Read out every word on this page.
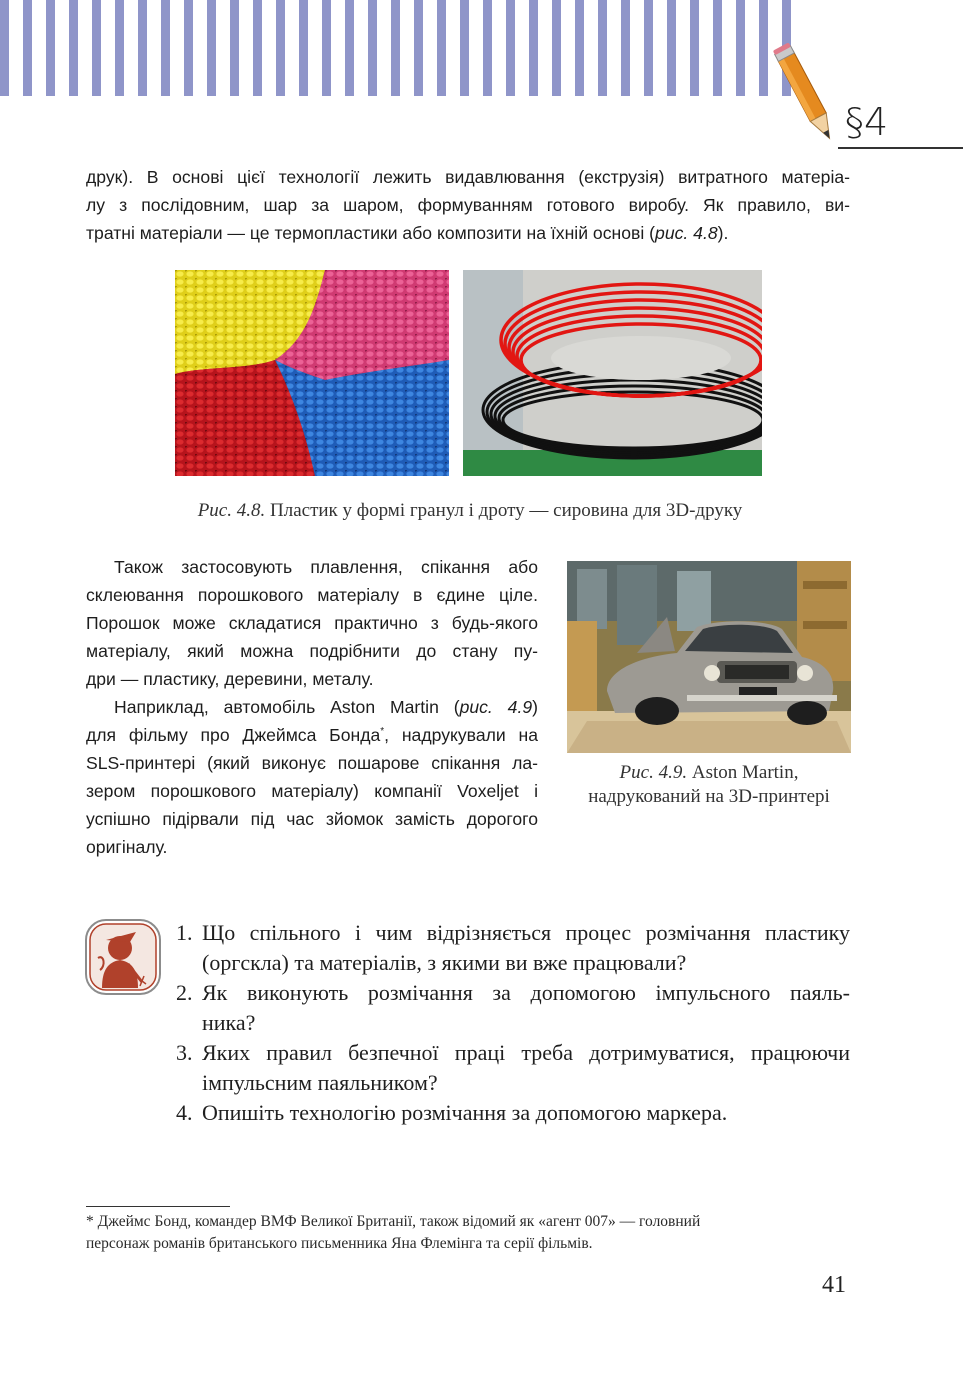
§4
друк). В основі цієї технології лежить видавлювання (екструзія) витратного матеріа-
лу з послідовним, шар за шаром, формуванням готового виробу. Як правило, ви-
тратні матеріали — це термопластики або композити на їхній основі (рис. 4.8).
Рис. 4.8. Пластик у формі гранул і дроту — сировина для 3D-друку
Також застосовують плавлення, спікання або
склеювання порошкового матеріалу в єдине ціле.
Порошок може складатися практично з будь-якого
матеріалу, який можна подрібнити до стану пу-
дри — пластику, деревини, металу.
Наприклад, автомобіль Aston Martin (рис. 4.9)
для фільму про Джеймса Бонда*, надрукували на
SLS-принтері (який виконує пошарове спікання ла-
зером порошкового матеріалу) компанії Voxeljet і
успішно підірвали під час зйомок замість дорогого
оригіналу.
Рис. 4.9. Aston Martin,
надрукований на 3D-принтері
1. Що спільного і чим відрізняється процес розмічання пластику
(оргскла) та матеріалів, з якими ви вже працювали?
2. Як виконують розмічання за допомогою імпульсного паяль-
ника?
3. Яких правил безпечної праці треба дотримуватися, працюючи
імпульсним паяльником?
4. Опишіть технологію розмічання за допомогою маркера.
* Джеймс Бонд, командер ВМФ Великої Британії, також відомий як «агент 007» — головний
персонаж романів британського письменника Яна Флемінга та серії фільмів.
41
